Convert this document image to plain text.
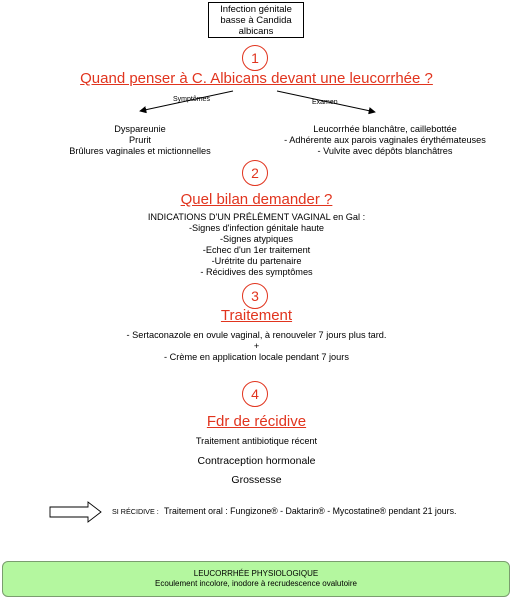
Infection génitale basse à Candida albicans
1
Quand penser à C. Albicans devant une leucorrhée ?
Symptômes	Examen
Dyspareunie
Prurit
Brûlures vaginales et mictionnelles
Leucorrhée blanchâtre, caillebottée
- Adhérente aux parois vaginales érythémateuses
- Vulvite avec dépôts blanchâtres
2
Quel bilan demander ?
INDICATIONS D'UN PRÉLÈMENT VAGINAL en Gal :
-Signes d'infection génitale haute
-Signes atypiques
-Echec d'un 1er traitement
-Urétrite du partenaire
- Récidives des symptômes
3
Traitement
- Sertaconazole en ovule vaginal, à renouveler 7 jours plus tard.
+
- Crème en application locale pendant 7 jours
4
Fdr de récidive
Traitement antibiotique récent
Contraception hormonale
Grossesse
SI RÉCIDIVE : Traitement oral : Fungizone® - Daktarin® - Mycostatine® pendant 21 jours.
LEUCORRHÉE PHYSIOLOGIQUE
Ecoulement incolore, inodore à recrudescence ovalutoire
